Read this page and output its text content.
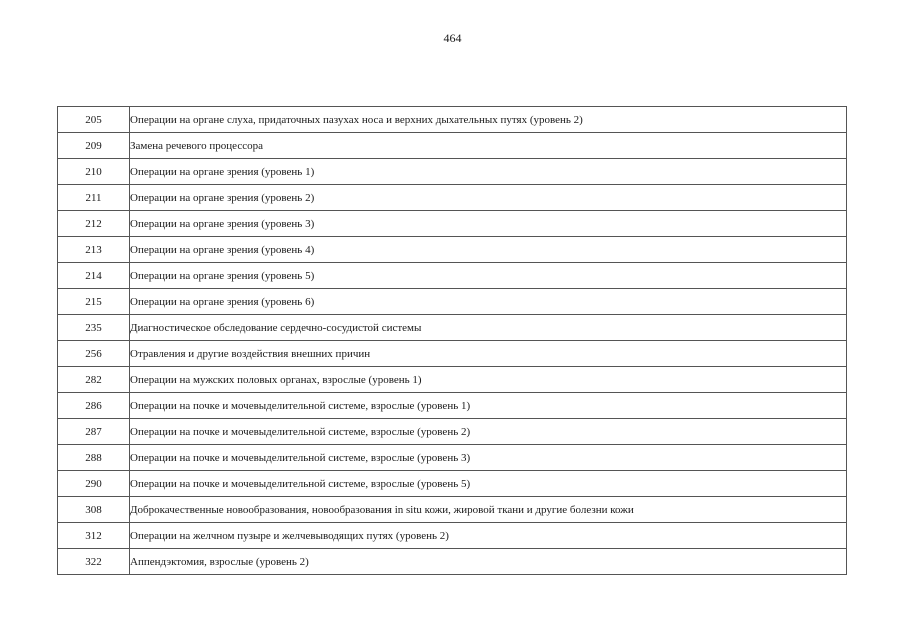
464
205	Операции на органе слуха, придаточных пазухах носа и верхних дыхательных путях (уровень 2)
209	Замена речевого процессора
210	Операции на органе зрения (уровень 1)
211	Операции на органе зрения (уровень 2)
212	Операции на органе зрения (уровень 3)
213	Операции на органе зрения (уровень 4)
214	Операции на органе зрения (уровень 5)
215	Операции на органе зрения (уровень 6)
235	Диагностическое обследование сердечно-сосудистой системы
256	Отравления и другие воздействия внешних причин
282	Операции на мужских половых органах, взрослые (уровень 1)
286	Операции на почке и мочевыделительной системе, взрослые (уровень 1)
287	Операции на почке и мочевыделительной системе, взрослые (уровень 2)
288	Операции на почке и мочевыделительной системе, взрослые (уровень 3)
290	Операции на почке и мочевыделительной системе, взрослые (уровень 5)
308	Доброкачественные новообразования, новообразования in situ кожи, жировой ткани и другие болезни кожи
312	Операции на желчном пузыре и желчевыводящих путях (уровень 2)
322	Аппендэктомия, взрослые (уровень 2)
